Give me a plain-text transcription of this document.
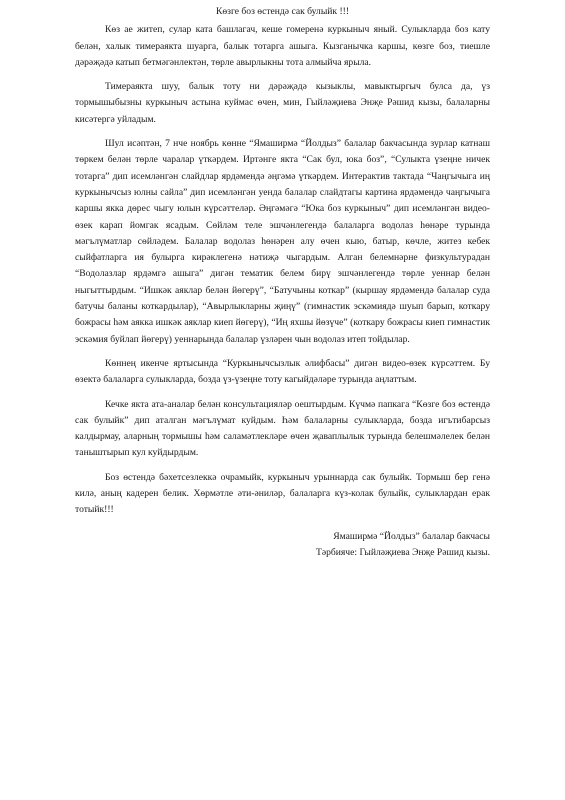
Көзге боз өстендә сак булыйк !!!

Көз ае житеп, сулар ката башлагач, кеше гомеренә куркыныч яный. Сулыкларда боз кату белән, халык тимераякта шуарга, балык тотарга ашыга. Кызганычка каршы, көзге боз, тиешле дәрәҗәдә катып бетмәгәнлектән, төрле авырлыкны тота алмыйча ярыла.

Тимераякта шуу, балык тоту ни дәрәҗәдә кызыклы, мавыктыргыч булса да, үз тормышыбызны куркыныч астына куймас өчен, мин, Гыйләҗиева Энҗе Рәшид кызы, балаларны кисәтергә уйладым.

Шул исәптән, 7 нче ноябрь көнне “Ямаширмә “Йолдыз” балалар бакчасында зурлар катнаш төркем белән төрле чаралар үткәрдем. Иртәнге якта “Сак бул, юка боз”, “Сулыкта үзеңне ничек тотарга” дип исемләнгән слайдлар ярдәмендә әңгәмә үткәрдем. Интерактив тактада “Чаңгычыга иң куркынычсыз юлны сайла” дип исемләнгән уенда балалар слайдтагы картина ярдәмендә чаңгычыга каршы якка дөрес чыгу юлын күрсәттеләр. Әңгәмәгә “Юка боз куркыныч” дип исемләнгән видео-өзек карап йомгак ясадым. Сөйләм теле эшчәнлегендә балаларга водолаз һөнәре турында мәгълүматлар сөйләдем. Балалар водолаз һөнәрен алу өчен кыю, батыр, көчле, житез кебек сыйфатларга ия булырга кирәклегенә нәтиҗә чыгардым. Алган белемнәрне физкультурадан “Водолазлар ярдәмгә ашыга” дигән тематик белем бирү эшчәнлегендә төрле уеннар белән ныгыттырдым. “Ишкәк аяклар белән йөгерү”, “Батучыны коткар” (кыршау ярдәмендә балалар суда батучы баланы коткардылар), “Авырлыкларны җиңү” (гимнастик эскәмиядә шуып барып, коткару божрасы һәм аякка ишкәк аяклар киеп йөгерү), “Иң яхшы йөзүче” (коткару божрасы киеп гимнастик эскәмия буйлап йөгерү) уеннарында балалар үзләрен чын водолаз итеп тойдылар.

Көннең икенче яртысында “Куркынычсызлык әлифбасы” дигән видео-өзек күрсәттем. Бу өзектә балаларга сулыкларда, бозда үз-үзеңне тоту кагыйдәләре турында аңлаттым.

Кечке якта ата-аналар белән консультацияләр оештырдым. Күчмә папкага “Көзге боз өстендә сак булыйк” дип аталган мәгълүмат куйдым. Һәм балаларны сулыкларда, бозда игътибарсыз калдырмау, аларның тормышы һәм саламәтлекләре өчен җаваплылык турында белешмәлелек белән таныштырып кул куйдырдым.

Боз өстендә бәхетсезлеккә очрамыйк, куркыныч урыннарда сак булыйк. Тормыш бер генә килә, аның кадерен белик. Хөрмәтле әти-әниләр, балаларга күз-колак булыйк, сулыклардан ерак тотыйк!!!

Ямаширмә “Йолдыз” балалар бакчасы

Тәрбияче: Гыйләҗиева Энҗе Рәшид кызы.
